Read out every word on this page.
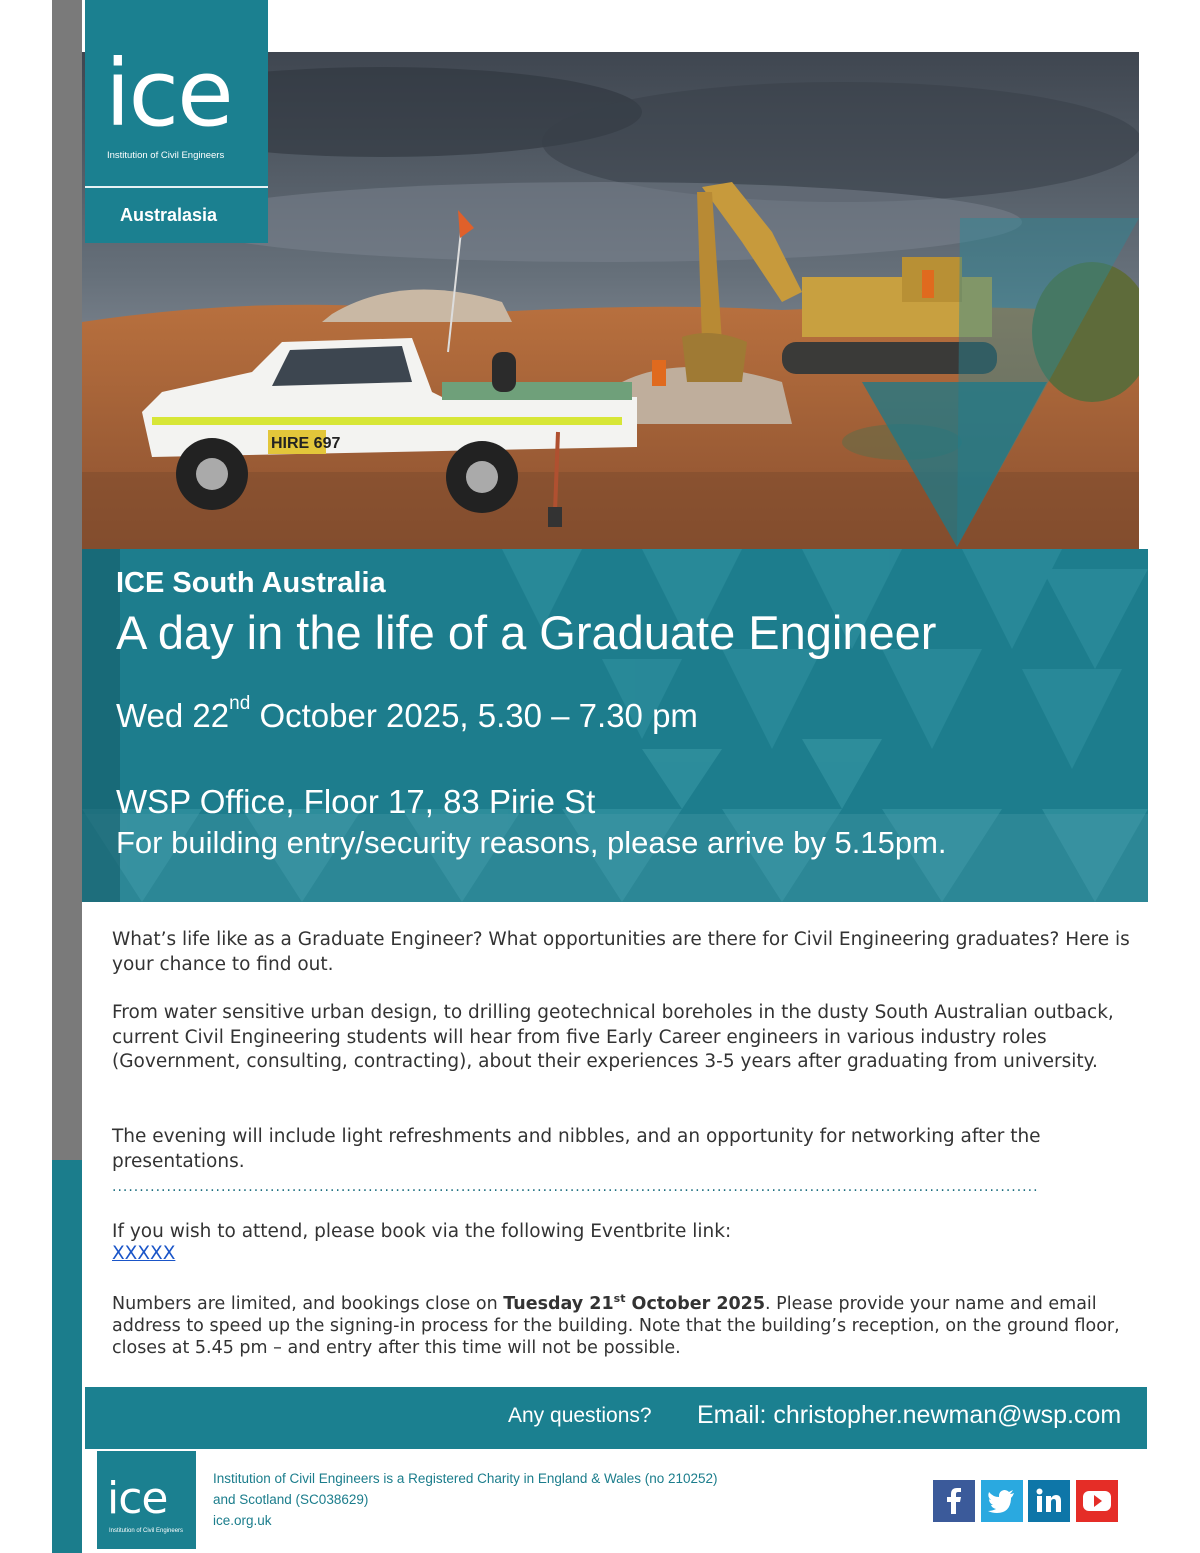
HIRE 697
ice
Institution of Civil Engineers
Australasia
ICE South Australia
A day in the life of a Graduate Engineer
Wed 22nd October 2025, 5.30 – 7.30 pm
WSP Office, Floor 17, 83 Pirie St
For building entry/security reasons, please arrive by 5.15pm.
What’s life like as a Graduate Engineer? What opportunities are there for Civil Engineering graduates? Here is your chance to find out.
From water sensitive urban design, to drilling geotechnical boreholes in the dusty South Australian outback, current Civil Engineering students will hear from five Early Career engineers in various industry roles (Government, consulting, contracting), about their experiences 3-5 years after graduating from university.
The evening will include light refreshments and nibbles, and an opportunity for networking after the presentations.
··········································································································································································
If you wish to attend, please book via the following Eventbrite link:
XXXXX
Numbers are limited, and bookings close on Tuesday 21st October 2025. Please provide your name and email address to speed up the signing-in process for the building. Note that the building’s reception, on the ground floor, closes at 5.45 pm – and entry after this time will not be possible.
Any questions? Email: christopher.newman@wsp.com
ice
Institution of Civil Engineers
Institution of Civil Engineers is a Registered Charity in England & Wales (no 210252)
and Scotland (SC038629)
ice.org.uk
